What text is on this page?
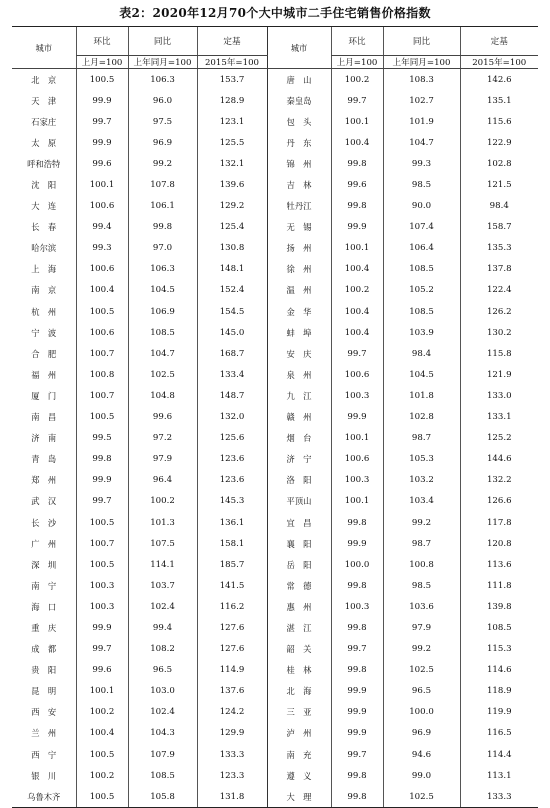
表2：2020年12月70个大中城市二手住宅销售价格指数
城市	环比	同比	定基	城市	环比	同比	定基
	上月=100	上年同月=100	2015年=100		上月=100	上年同月=100	2015年=100
北　京	100.5	106.3	153.7	唐　山	100.2	108.3	142.6
天　津	99.9	96.0	128.9	秦皇岛	99.7	102.7	135.1
石家庄	99.7	97.5	123.1	包　头	100.1	101.9	115.6
太　原	99.9	96.9	125.5	丹　东	100.4	104.7	122.9
呼和浩特	99.6	99.2	132.1	锦　州	99.8	99.3	102.8
沈　阳	100.1	107.8	139.6	吉　林	99.6	98.5	121.5
大　连	100.6	106.1	129.2	牡丹江	99.8	90.0	98.4
长　春	99.4	99.8	125.4	无　锡	99.9	107.4	158.7
哈尔滨	99.3	97.0	130.8	扬　州	100.1	106.4	135.3
上　海	100.6	106.3	148.1	徐　州	100.4	108.5	137.8
南　京	100.4	104.5	152.4	温　州	100.2	105.2	122.4
杭　州	100.5	106.9	154.5	金　华	100.4	108.5	126.2
宁　波	100.6	108.5	145.0	蚌　埠	100.4	103.9	130.2
合　肥	100.7	104.7	168.7	安　庆	99.7	98.4	115.8
福　州	100.8	102.5	133.4	泉　州	100.6	104.5	121.9
厦　门	100.7	104.8	148.7	九　江	100.3	101.8	133.0
南　昌	100.5	99.6	132.0	赣　州	99.9	102.8	133.1
济　南	99.5	97.2	125.6	烟　台	100.1	98.7	125.2
青　岛	99.8	97.9	123.6	济　宁	100.6	105.3	144.6
郑　州	99.9	96.4	123.6	洛　阳	100.3	103.2	132.2
武　汉	99.7	100.2	145.3	平顶山	100.1	103.4	126.6
长　沙	100.5	101.3	136.1	宜　昌	99.8	99.2	117.8
广　州	100.7	107.5	158.1	襄　阳	99.9	98.7	120.8
深　圳	100.5	114.1	185.7	岳　阳	100.0	100.8	113.6
南　宁	100.3	103.7	141.5	常　德	99.8	98.5	111.8
海　口	100.3	102.4	116.2	惠　州	100.3	103.6	139.8
重　庆	99.9	99.4	127.6	湛　江	99.8	97.9	108.5
成　都	99.7	108.2	127.6	韶　关	99.7	99.2	115.3
贵　阳	99.6	96.5	114.9	桂　林	99.8	102.5	114.6
昆　明	100.1	103.0	137.6	北　海	99.9	96.5	118.9
西　安	100.2	102.4	124.2	三　亚	99.9	100.0	119.9
兰　州	100.4	104.3	129.9	泸　州	99.9	96.9	116.5
西　宁	100.5	107.9	133.3	南　充	99.7	94.6	114.4
银　川	100.2	108.5	123.3	遵　义	99.8	99.0	113.1
乌鲁木齐	100.5	105.8	131.8	大　理	99.8	102.5	133.3
